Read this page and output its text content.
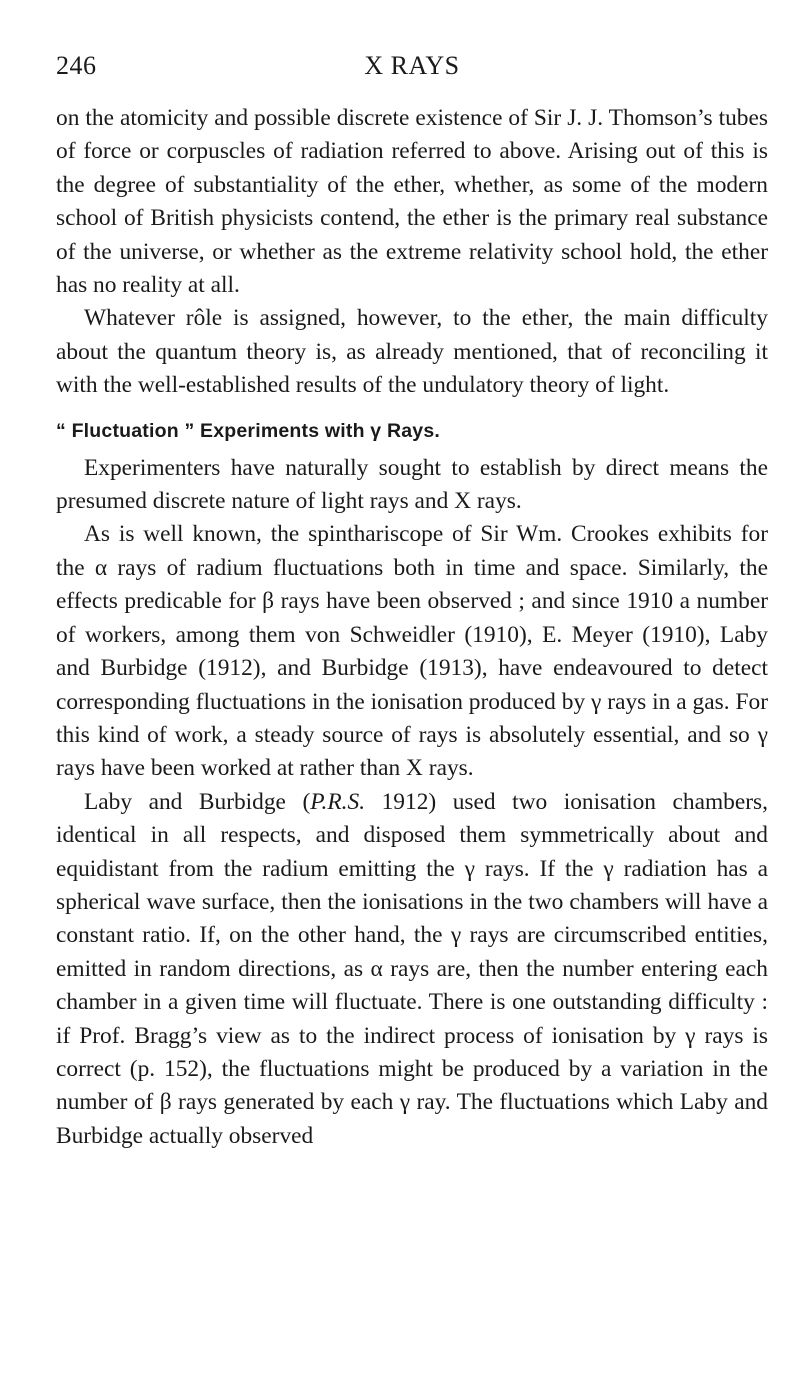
246	X RAYS

on the atomicity and possible discrete existence of Sir J. J. Thomson’s tubes of force or corpuscles of radiation referred to above. Arising out of this is the degree of substantiality of the ether, whether, as some of the modern school of British physicists contend, the ether is the primary real substance of the universe, or whether as the extreme relativity school hold, the ether has no reality at all.

Whatever rôle is assigned, however, to the ether, the main difficulty about the quantum theory is, as already mentioned, that of reconciling it with the well-established results of the undulatory theory of light.

“ Fluctuation ” Experiments with γ Rays.

Experimenters have naturally sought to establish by direct means the presumed discrete nature of light rays and X rays.

As is well known, the spinthariscope of Sir Wm. Crookes exhibits for the α rays of radium fluctuations both in time and space. Similarly, the effects predicable for β rays have been observed ; and since 1910 a number of workers, among them von Schweidler (1910), E. Meyer (1910), Laby and Burbidge (1912), and Burbidge (1913), have endeavoured to detect corresponding fluctuations in the ionisation produced by γ rays in a gas. For this kind of work, a steady source of rays is absolutely essential, and so γ rays have been worked at rather than X rays.

Laby and Burbidge (P.R.S. 1912) used two ionisation chambers, identical in all respects, and disposed them symmetrically about and equidistant from the radium emitting the γ rays. If the γ radiation has a spherical wave surface, then the ionisations in the two chambers will have a constant ratio. If, on the other hand, the γ rays are circumscribed entities, emitted in random directions, as α rays are, then the number entering each chamber in a given time will fluctuate. There is one outstanding difficulty : if Prof. Bragg’s view as to the indirect process of ionisation by γ rays is correct (p. 152), the fluctuations might be produced by a variation in the number of β rays generated by each γ ray. The fluctuations which Laby and Burbidge actually observed
